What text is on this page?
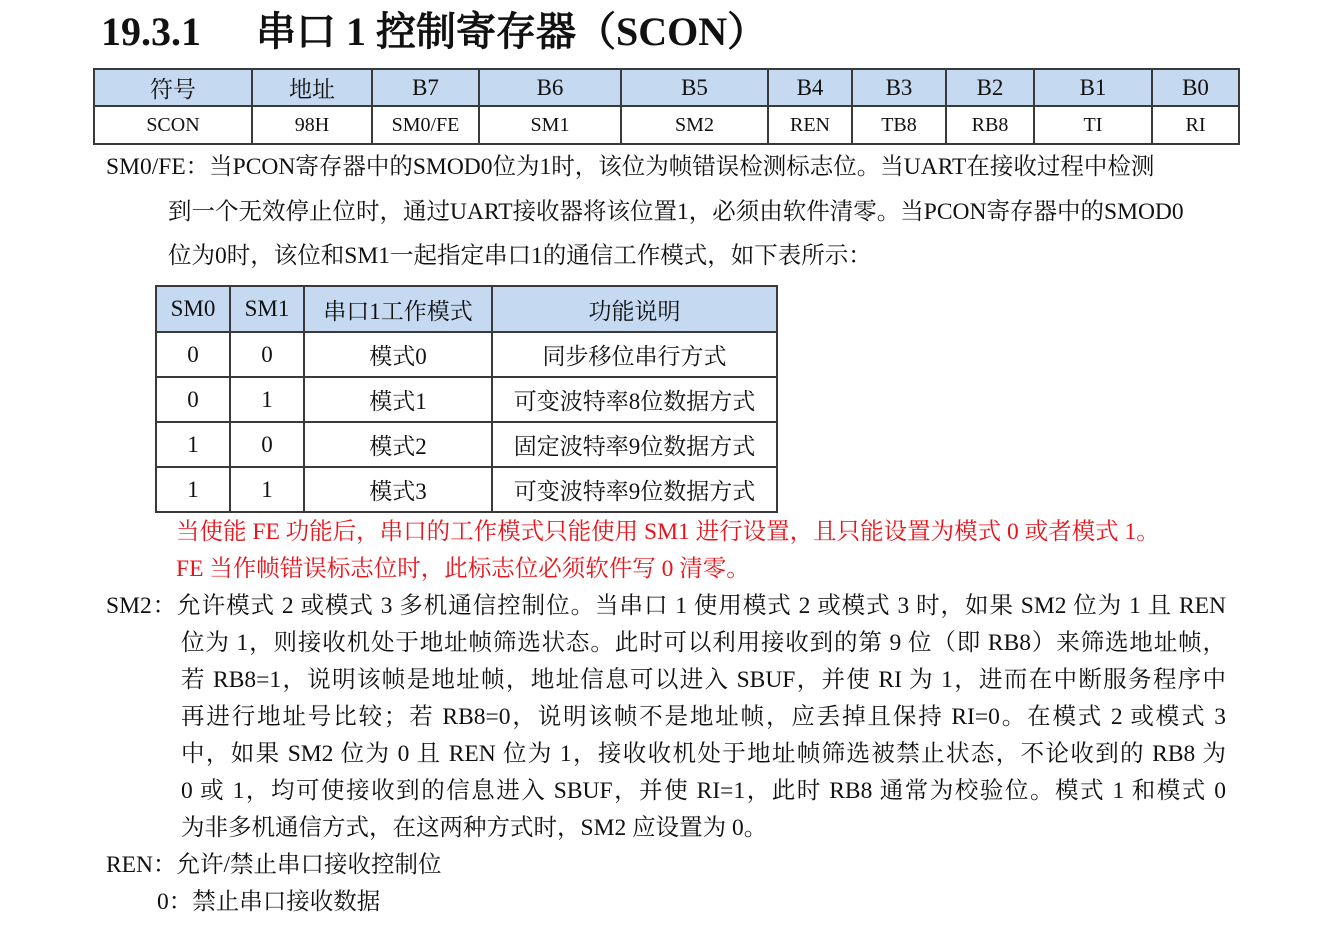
19.3.1 串口 1 控制寄存器（SCON）
符号	地址	B7	B6	B5	B4	B3	B2	B1	B0
SCON	98H	SM0/FE	SM1	SM2	REN	TB8	RB8	TI	RI
SM0/FE：当PCON寄存器中的SMOD0位为1时，该位为帧错误检测标志位。当UART在接收过程中检测
到一个无效停止位时，通过UART接收器将该位置1，必须由软件清零。当PCON寄存器中的SMOD0
位为0时，该位和SM1一起指定串口1的通信工作模式，如下表所示：
SM0	SM1	串口1工作模式	功能说明
0	0	模式0	同步移位串行方式
0	1	模式1	可变波特率8位数据方式
1	0	模式2	固定波特率9位数据方式
1	1	模式3	可变波特率9位数据方式
当使能 FE 功能后，串口的工作模式只能使用 SM1 进行设置，且只能设置为模式 0 或者模式 1。
FE 当作帧错误标志位时，此标志位必须软件写 0 清零。
SM2：允许模式 2 或模式 3 多机通信控制位。当串口 1 使用模式 2 或模式 3 时，如果 SM2 位为 1 且 REN
位为 1，则接收机处于地址帧筛选状态。此时可以利用接收到的第 9 位（即 RB8）来筛选地址帧，
若 RB8=1，说明该帧是地址帧，地址信息可以进入 SBUF，并使 RI 为 1，进而在中断服务程序中
再进行地址号比较；若 RB8=0，说明该帧不是地址帧，应丢掉且保持 RI=0。在模式 2 或模式 3
中，如果 SM2 位为 0 且 REN 位为 1，接收收机处于地址帧筛选被禁止状态，不论收到的 RB8 为
0 或 1，均可使接收到的信息进入 SBUF，并使 RI=1，此时 RB8 通常为校验位。模式 1 和模式 0
为非多机通信方式，在这两种方式时，SM2 应设置为 0。
REN：允许/禁止串口接收控制位
0：禁止串口接收数据
